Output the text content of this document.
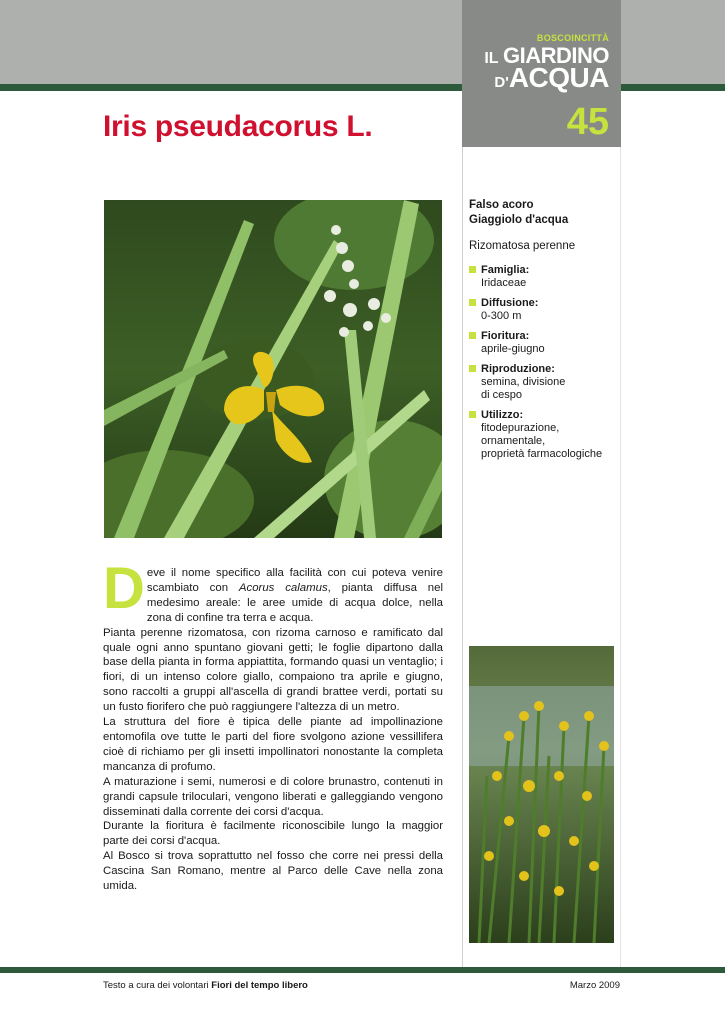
BOSCOINCITTÀ
IL GIARDINO
D'ACQUA
45
Iris pseudacorus L.
Falso acoro
Giaggiolo d'acqua
Rizomatosa perenne
Famiglia:
Iridaceae
Diffusione:
0-300 m
Fioritura:
aprile-giugno
Riproduzione:
semina, divisione
di cespo
Utilizzo:
fitodepurazione,
ornamentale,
proprietà farmacologiche

Deve il nome specifico alla facilità con cui poteva venire scambiato con Acorus calamus, pianta diffusa nel medesimo areale: le aree umide di acqua dolce, nella zona di confine tra terra e acqua.

Pianta perenne rizomatosa, con rizoma carnoso e ramificato dal quale ogni anno spuntano giovani getti; le foglie dipartono dalla base della pianta in forma appiattita, formando quasi un ventaglio; i fiori, di un intenso colore giallo, compaiono tra aprile e giugno, sono raccolti a gruppi all'ascella di grandi brattee verdi, portati su un fusto fiorifero che può raggiungere l'altezza di un metro.

La struttura del fiore è tipica delle piante ad impollinazione entomofila ove tutte le parti del fiore svolgono azione vessillifera cioè di richiamo per gli insetti impollinatori nonostante la completa mancanza di profumo.

A maturazione i semi, numerosi e di colore brunastro, contenuti in grandi capsule triloculari, vengono liberati e galleggiando vengono disseminati dalla corrente dei corsi d'acqua.

Durante la fioritura è facilmente riconoscibile lungo la maggior parte dei corsi d'acqua.

Al Bosco si trova soprattutto nel fosso che corre nei pressi della Cascina San Romano, mentre al Parco delle Cave nella zona umida.

Testo a cura dei volontari Fiori del tempo libero	Marzo 2009
